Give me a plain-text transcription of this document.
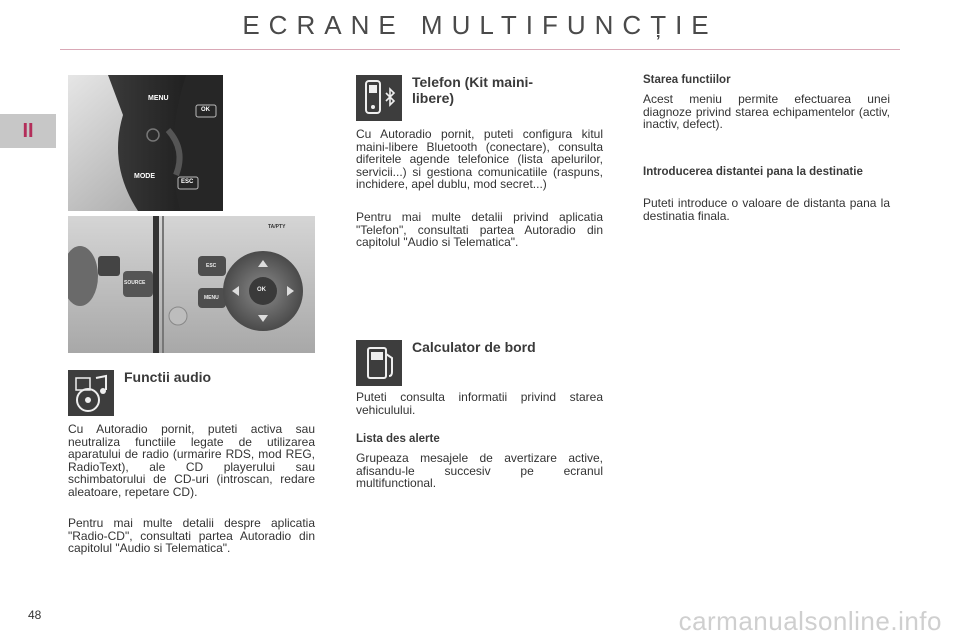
ECRANE MULTIFUNCȚIE
II
MENU
OK
MODE
ESC
TA/PTY
SOURCE
ESC
MENU
OK
Functii audio

Cu Autoradio pornit, puteti activa sau neutraliza functiile legate de utilizarea aparatului de radio (urmarire RDS, mod REG, RadioText), ale CD playerului sau schimbatorului de CD-uri (introscan, redare aleatoare, repetare CD).

Pentru mai multe detalii despre aplicatia "Radio-CD", consultati partea Autoradio din capitolul "Audio si Telematica".

Telefon (Kit maini-libere)

Cu Autoradio pornit, puteti configura kitul maini-libere Bluetooth (conectare), consulta diferitele agende telefonice (lista apelurilor, servicii...) si gestiona comunicatiile (raspuns, inchidere, apel dublu, mod secret...)

Pentru mai multe detalii privind aplicatia "Telefon", consultati partea Autoradio din capitolul "Audio si Telematica".

Calculator de bord

Puteti consulta informatii privind starea vehiculului.

Lista des alerte

Grupeaza mesajele de avertizare active, afisandu-le succesiv pe ecranul multifunctional.

Starea functiilor

Acest meniu permite efectuarea unei diagnoze privind starea echipamentelor (activ, inactiv, defect).

Introducerea distantei pana la destinatie

Puteti introduce o valoare de distanta pana la destinatia finala.

48	carmanualsonline.info
